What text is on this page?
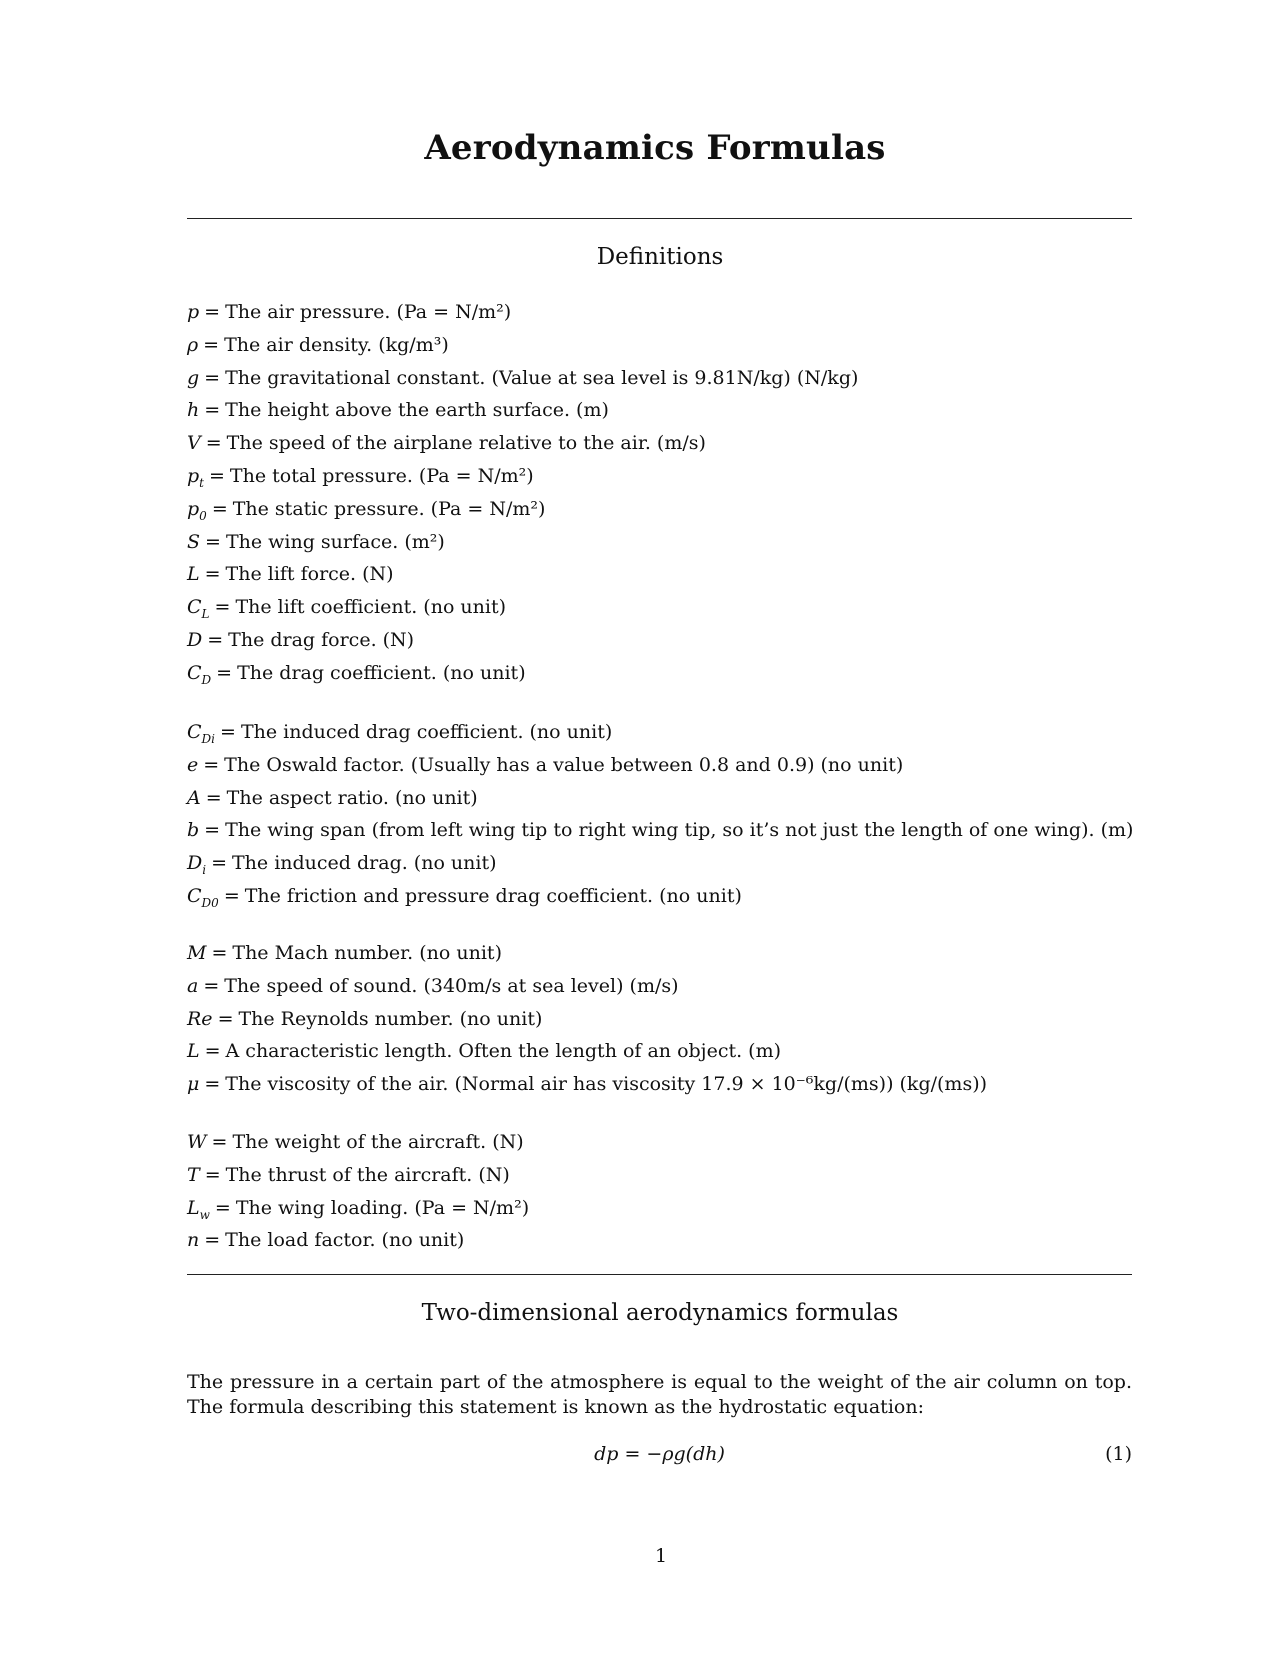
Aerodynamics Formulas
Definitions
p = The air pressure. (Pa = N/m²)
ρ = The air density. (kg/m³)
g = The gravitational constant. (Value at sea level is 9.81N/kg) (N/kg)
h = The height above the earth surface. (m)
V = The speed of the airplane relative to the air. (m/s)
$p_t$ = The total pressure. (Pa = N/m²)
$p_0$ = The static pressure. (Pa = N/m²)
S = The wing surface. (m²)
L = The lift force. (N)
$C_L$ = The lift coefficient. (no unit)
D = The drag force. (N)
$C_D$ = The drag coefficient. (no unit)
$C_{Di}$ = The induced drag coefficient. (no unit)
e = The Oswald factor. (Usually has a value between 0.8 and 0.9) (no unit)
A = The aspect ratio. (no unit)
b = The wing span (from left wing tip to right wing tip, so it’s not just the length of one wing). (m)
$D_i$ = The induced drag. (no unit)
$C_{D0}$ = The friction and pressure drag coefficient. (no unit)
M = The Mach number. (no unit)
a = The speed of sound. (340m/s at sea level) (m/s)
Re = The Reynolds number. (no unit)
L = A characteristic length. Often the length of an object. (m)
μ = The viscosity of the air. (Normal air has viscosity 17.9 × 10⁻⁶kg/(ms)) (kg/(ms))
W = The weight of the aircraft. (N)
T = The thrust of the aircraft. (N)
$L_w$ = The wing loading. (Pa = N/m²)
n = The load factor. (no unit)
Two-dimensional aerodynamics formulas

The pressure in a certain part of the atmosphere is equal to the weight of the air column on top. The formula describing this statement is known as the hydrostatic equation:

dp = −ρg(dh)	(1)
1
